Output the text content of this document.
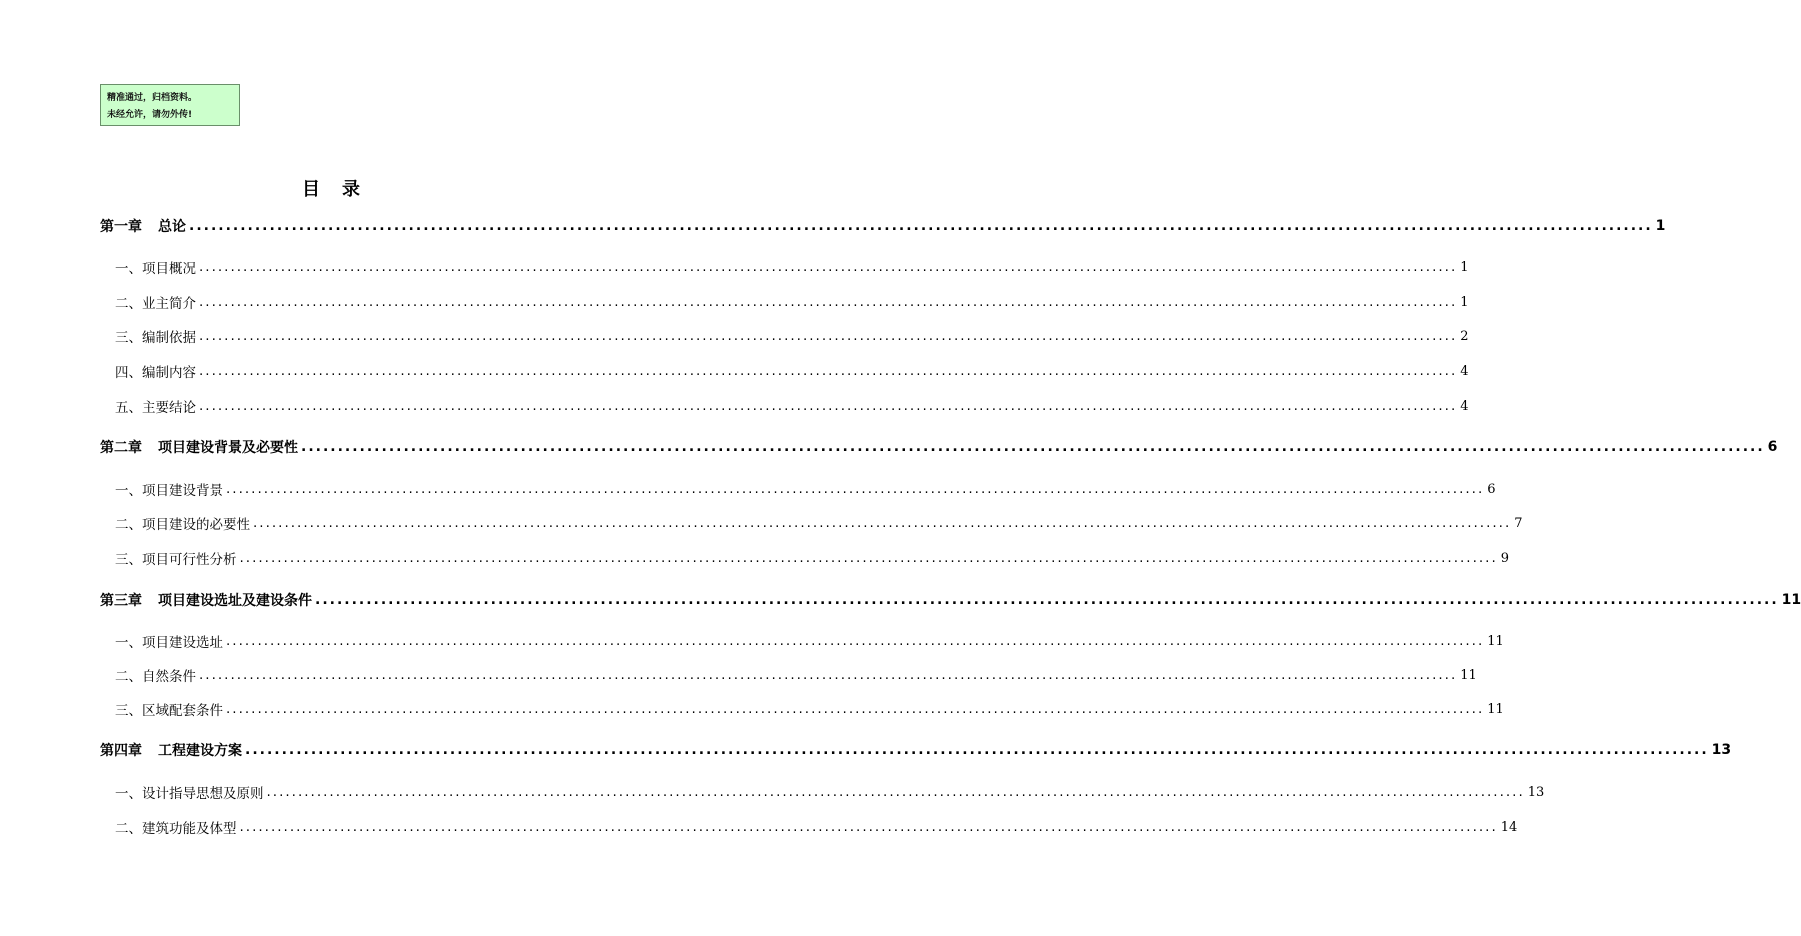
精准通过，归档资料。
未经允许，请勿外传!
目录
第一章 总论 ........................................................................................................................................................................................................ 1
一、项目概况 ........................................................................................................................................................................................................ 1
二、业主简介 ........................................................................................................................................................................................................ 1
三、编制依据 ........................................................................................................................................................................................................ 2
四、编制内容 ........................................................................................................................................................................................................ 4
五、主要结论 ........................................................................................................................................................................................................ 4
第二章 项目建设背景及必要性 ........................................................................................................................................................................................................ 6
一、项目建设背景 ........................................................................................................................................................................................................ 6
二、项目建设的必要性 ........................................................................................................................................................................................................ 7
三、项目可行性分析 ........................................................................................................................................................................................................ 9
第三章 项目建设选址及建设条件 ........................................................................................................................................................................................................ 11
一、项目建设选址 ........................................................................................................................................................................................................ 11
二、自然条件 ........................................................................................................................................................................................................ 11
三、区域配套条件 ........................................................................................................................................................................................................ 11
第四章 工程建设方案 ........................................................................................................................................................................................................ 13
一、设计指导思想及原则 ........................................................................................................................................................................................................ 13
二、建筑功能及体型 ........................................................................................................................................................................................................ 14
